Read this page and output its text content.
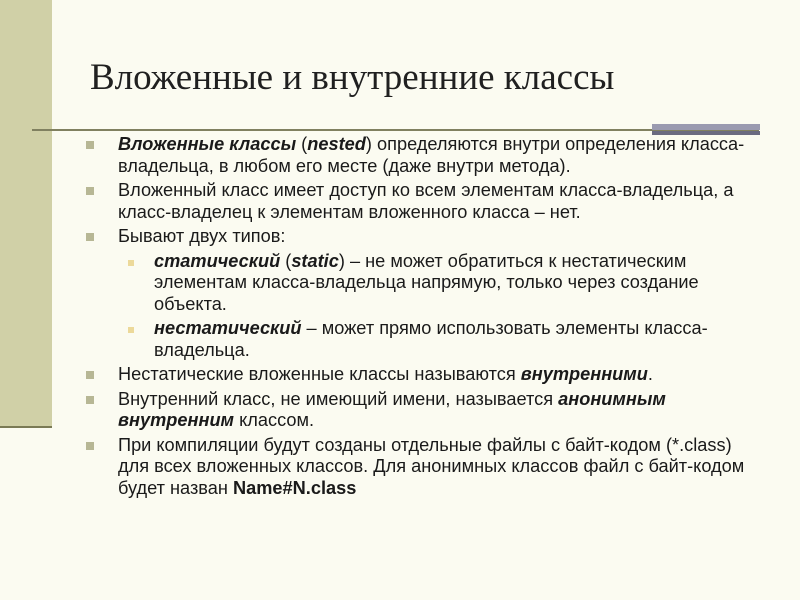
Вложенные и внутренние классы
Вложенные классы (nested) определяются внутри определения класса-владельца, в любом его месте (даже внутри метода).
Вложенный класс имеет доступ ко всем элементам класса-владельца, а класс-владелец к элементам вложенного класса – нет.
Бывают двух типов:
статический (static) – не может обратиться к нестатическим элементам класса-владельца напрямую, только через создание объекта.
нестатический – может прямо использовать элементы класса-владельца.
Нестатические вложенные классы называются внутренними.
Внутренний класс, не имеющий имени, называется анонимным внутренним классом.
При компиляции будут созданы отдельные файлы с байт-кодом (*.class) для всех вложенных классов. Для анонимных классов файл с байт-кодом будет назван Name#N.class
